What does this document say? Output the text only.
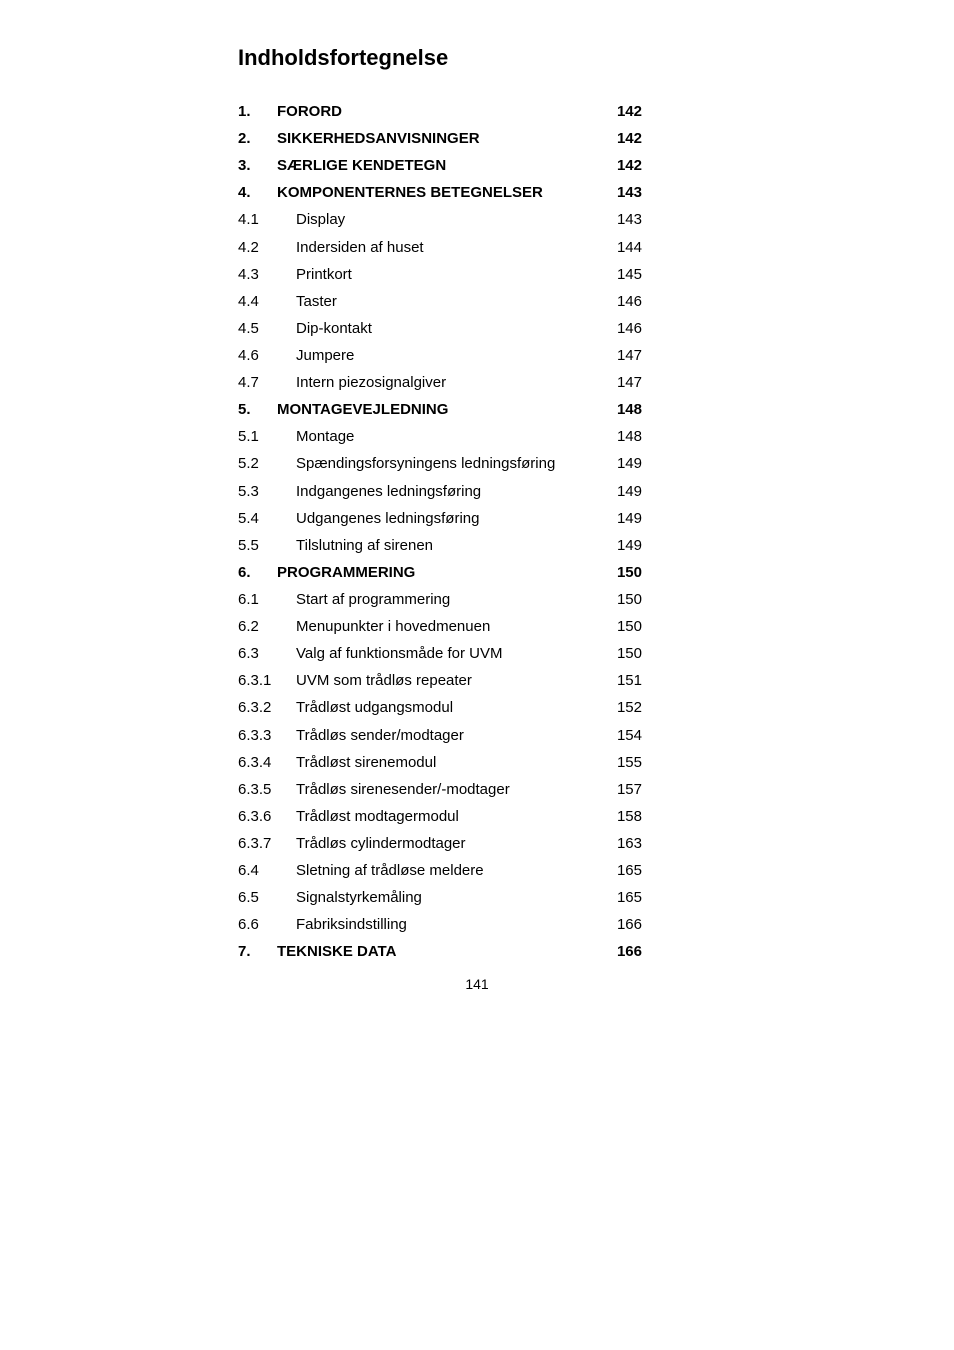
Indholdsfortegnelse
1. FORORD	142
2. SIKKERHEDSANVISNINGER	142
3. SÆRLIGE KENDETEGN	142
4. KOMPONENTERNES BETEGNELSER	143
4.1 Display	143
4.2 Indersiden af huset	144
4.3 Printkort	145
4.4 Taster	146
4.5 Dip-kontakt	146
4.6 Jumpere	147
4.7 Intern piezosignalgiver	147
5. MONTAGEVEJLEDNING	148
5.1 Montage	148
5.2 Spændingsforsyningens ledningsføring	149
5.3 Indgangenes ledningsføring	149
5.4 Udgangenes ledningsføring	149
5.5 Tilslutning af sirenen	149
6. PROGRAMMERING	150
6.1 Start af programmering	150
6.2 Menupunkter i hovedmenuen	150
6.3 Valg af funktionsmåde for UVM	150
6.3.1 UVM som trådløs repeater	151
6.3.2 Trådløst udgangsmodul	152
6.3.3 Trådløs sender/modtager	154
6.3.4 Trådløst sirenemodul	155
6.3.5 Trådløs sirenesender/-modtager	157
6.3.6 Trådløst modtagermodul	158
6.3.7 Trådløs cylindermodtager	163
6.4 Sletning af trådløse meldere	165
6.5 Signalstyrkemåling	165
6.6 Fabriksindstilling	166
7. TEKNISKE DATA	166
141
